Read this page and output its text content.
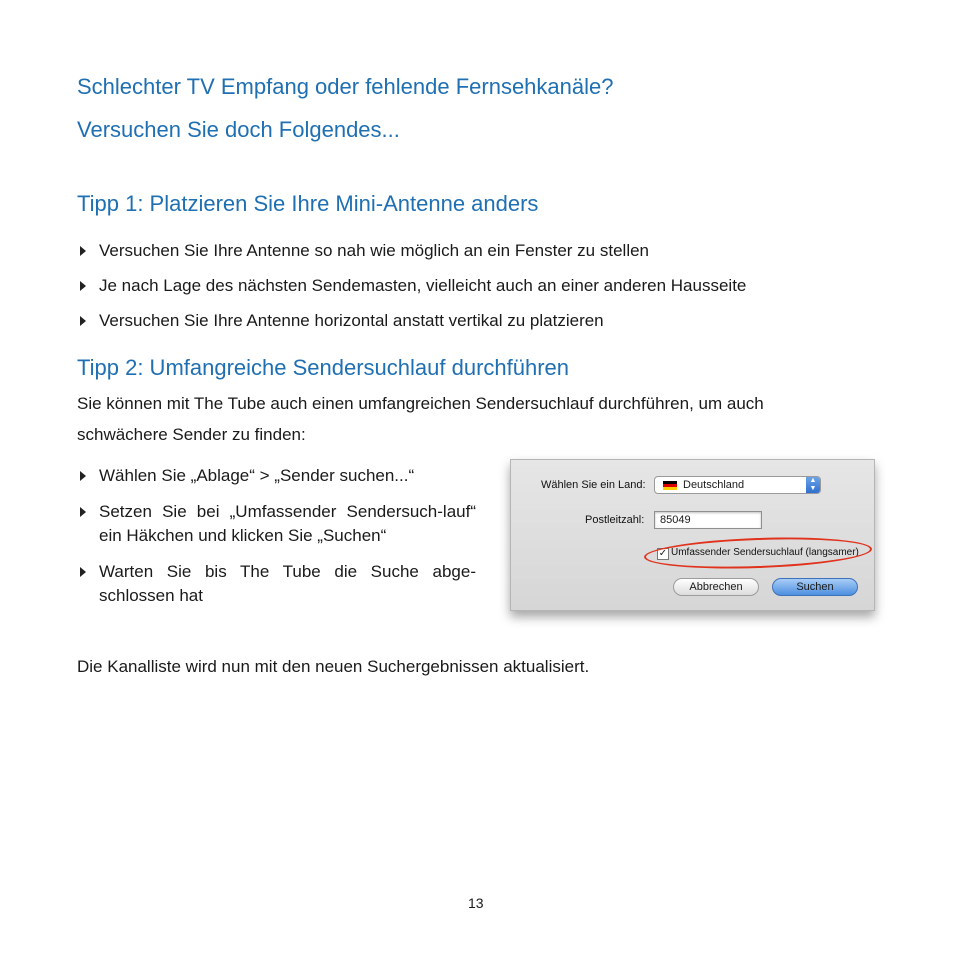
Schlechter TV Empfang oder fehlende Fernsehkanäle?
Versuchen Sie doch Folgendes...
Tipp 1: Platzieren Sie Ihre Mini-Antenne anders
Versuchen Sie Ihre Antenne so nah wie möglich an ein Fenster zu stellen
Je nach Lage des nächsten Sendemasten, vielleicht auch an einer anderen Hausseite
Versuchen Sie Ihre Antenne horizontal anstatt vertikal zu platzieren
Tipp 2: Umfangreiche Sendersuchlauf durchführen
Sie können mit The Tube auch einen umfangreichen Sendersuchlauf durchführen, um auch
schwächere Sender zu finden:
Wählen Sie „Ablage“ > „Sender suchen...“
Setzen Sie bei „Umfassender Sendersuch-lauf“ ein Häkchen und klicken Sie „Suchen“
Warten Sie bis The Tube die Suche abge-schlossen hat
Wählen Sie ein Land:	Deutschland	▲
▼
Postleitzahl: 85049
✓ Umfassender Sendersuchlauf (langsamer)
Abbrechen	Suchen
Die Kanalliste wird nun mit den neuen Suchergebnissen aktualisiert.
13
